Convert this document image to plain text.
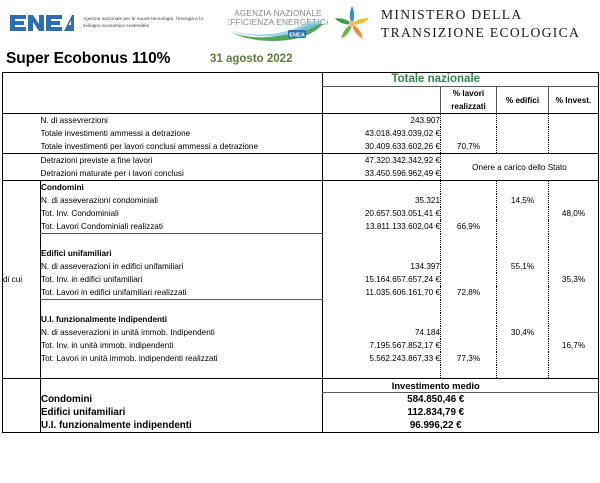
Agenzia nazionale per le nuove tecnologie, l'energia e lo sviluppo economico sostenibile
AGENZIA NAZIONALE
EFFICIENZA ENERGETICA
ENEA
MINISTERO DELLA
TRANSIZIONE ECOLOGICA
Super Ecobonus 110%	31 agosto 2022
		Totale nazionale			
			% lavori
realizzati	% edifici	% Invest.

	N. di assevrerzioni	243.907			
	Totale investimenti ammessi a detrazione	43.018.493.039,02 €			
	Totale investimenti per lavori conclusi ammessi a detrazione	30.409.633.602,26 €	70,7%		
	Detrazioni previste a fine lavori	47.320.342.342,92 €	Onere a carico dello Stato		
	Detrazioni maturate per i lavori conclusi	33.450.596.962,49 €			
di cui	Condomini				
	N. di asseverazioni condominiali	35.321		14,5%	
	Tot. Inv. Condominiali	20.657.503.051,41 €			48,0%
	Tot. Lavori Condominiali realizzati	13.811.133.602,04 €	66,9%		

	Edifici unifamiliari				
	N. di asseverazioni in edifici unifamiliari	134.397		55,1%	
	Tot. Inv. in edifici unifamiliari	15.164.657.657,24 €			35,3%
	Tot. Lavori in edifici unifamiliari realizzati	11.035.606.161,70 €	72,8%		

	U.I. funzionalmente indipendenti				
	N. di asseverazioni in unità immob. Indipendenti	74.184		30,4%	
	Tot. Inv. in unità immob. indipendenti	7.195.567.852,17 €			16,7%
	Tot. Lavori in unità immob. indipendenti realizzati	5.562.243.867,33 €	77,3%		

		Investimento medio			
	Condomini	584.850,46 €			
	Edifici unifamiliari	112.834,79 €			
	U.I. funzionalmente indipendenti	96.996,22 €			
